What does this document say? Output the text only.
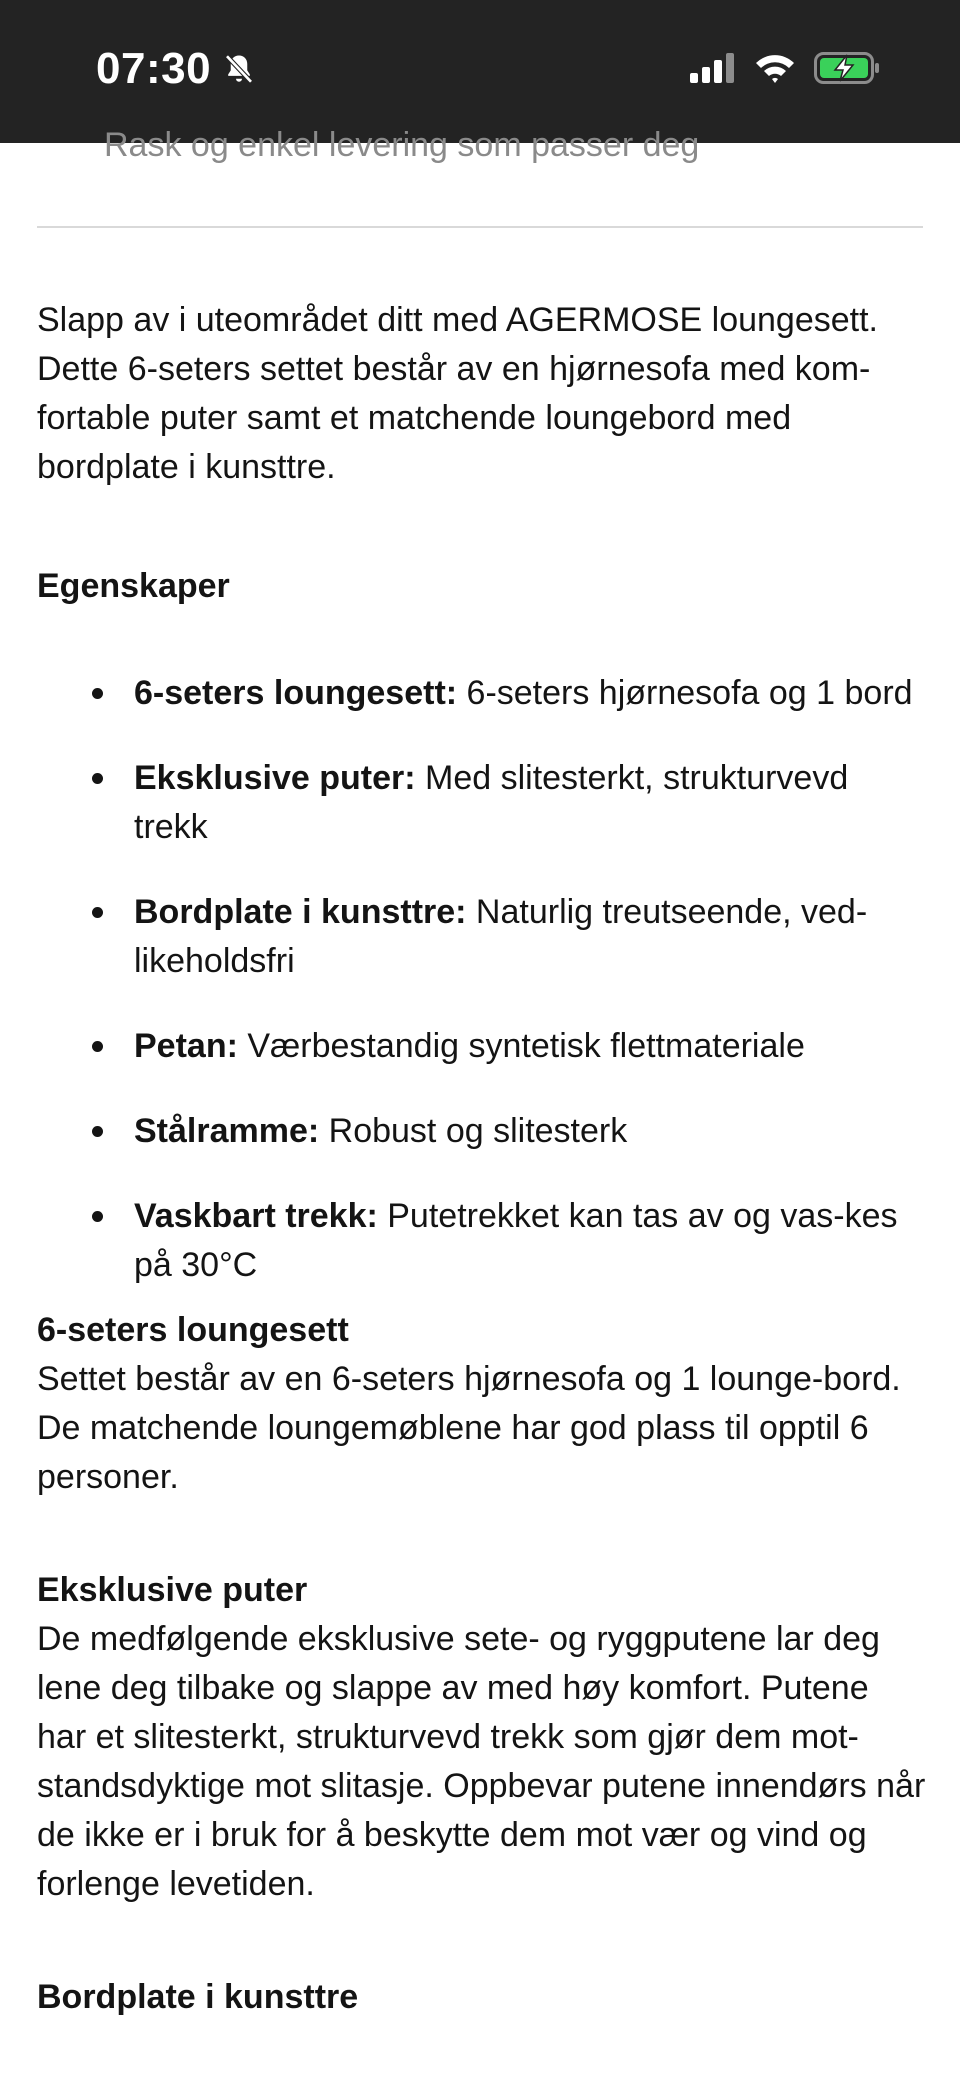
07:30
Rask og enkel levering som passer deg

Slapp av i uteområdet ditt med AGERMOSE loungesett. Dette 6-seters settet består av en hjørnesofa med kom-fortable puter samt et matchende loungebord med bordplate i kunsttre.

Egenskaper

6-seters loungesett: 6-seters hjørnesofa og 1 bord
Eksklusive puter: Med slitesterkt, strukturvevd trekk
Bordplate i kunsttre: Naturlig treutseende, ved-likeholdsfri
Petan: Værbestandig syntetisk flettmateriale
Stålramme: Robust og slitesterk
Vaskbart trekk: Putetrekket kan tas av og vas-kes på 30°C

6-seters loungesett

Settet består av en 6-seters hjørnesofa og 1 lounge-bord. De matchende loungemøblene har god plass til opptil 6 personer.

Eksklusive puter

De medfølgende eksklusive sete- og ryggputene lar deg lene deg tilbake og slappe av med høy komfort. Putene har et slitesterkt, strukturvevd trekk som gjør dem mot-standsdyktige mot slitasje. Oppbevar putene innendørs når de ikke er i bruk for å beskytte dem mot vær og vind og forlenge levetiden.

Bordplate i kunsttre
